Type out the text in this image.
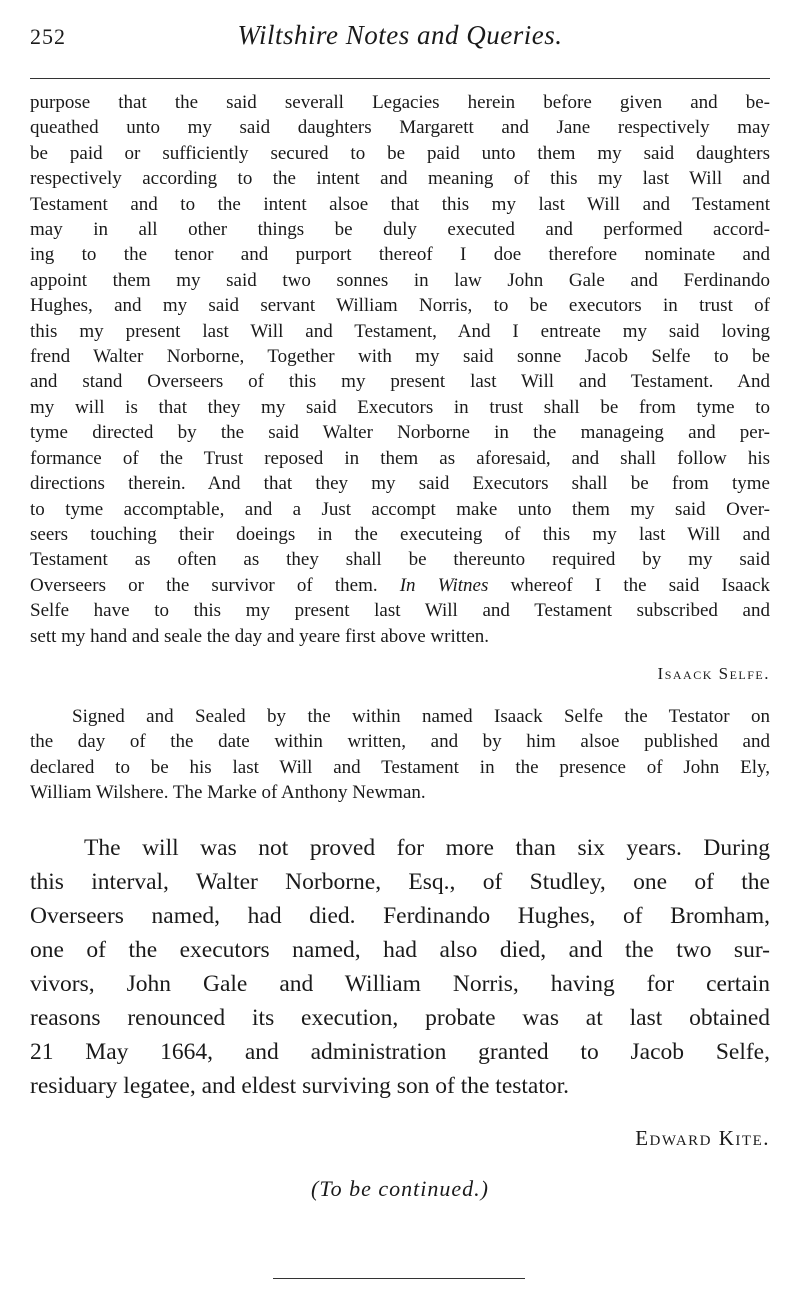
252	Wiltshire Notes and Queries.
purpose that the said severall Legacies herein before given and be-
queathed unto my said daughters Margarett and Jane respectively may
be paid or sufficiently secured to be paid unto them my said daughters
respectively according to the intent and meaning of this my last Will and
Testament and to the intent alsoe that this my last Will and Testament
may in all other things be duly executed and performed accord-
ing to the tenor and purport thereof I doe therefore nominate and
appoint them my said two sonnes in law John Gale and Ferdinando
Hughes, and my said servant William Norris, to be executors in trust of
this my present last Will and Testament, And I entreate my said loving
frend Walter Norborne, Together with my said sonne Jacob Selfe to be
and stand Overseers of this my present last Will and Testament. And
my will is that they my said Executors in trust shall be from tyme to
tyme directed by the said Walter Norborne in the manageing and per-
formance of the Trust reposed in them as aforesaid, and shall follow his
directions therein. And that they my said Executors shall be from tyme
to tyme accomptable, and a Just accompt make unto them my said Over-
seers touching their doeings in the executeing of this my last Will and
Testament as often as they shall be thereunto required by my said
Overseers or the survivor of them. In Witnes whereof I the said Isaack
Selfe have to this my present last Will and Testament subscribed and
sett my hand and seale the day and yeare first above written.
Isaack Selfe.
Signed and Sealed by the within named Isaack Selfe the Testator on
the day of the date within written, and by him alsoe published and
declared to be his last Will and Testament in the presence of John Ely,
William Wilshere. The Marke of Anthony Newman.
The will was not proved for more than six years. During
this interval, Walter Norborne, Esq., of Studley, one of the
Overseers named, had died. Ferdinando Hughes, of Bromham,
one of the executors named, had also died, and the two sur-
vivors, John Gale and William Norris, having for certain
reasons renounced its execution, probate was at last obtained
21 May 1664, and administration granted to Jacob Selfe,
residuary legatee, and eldest surviving son of the testator.
Edward Kite.
(To be continued.)
